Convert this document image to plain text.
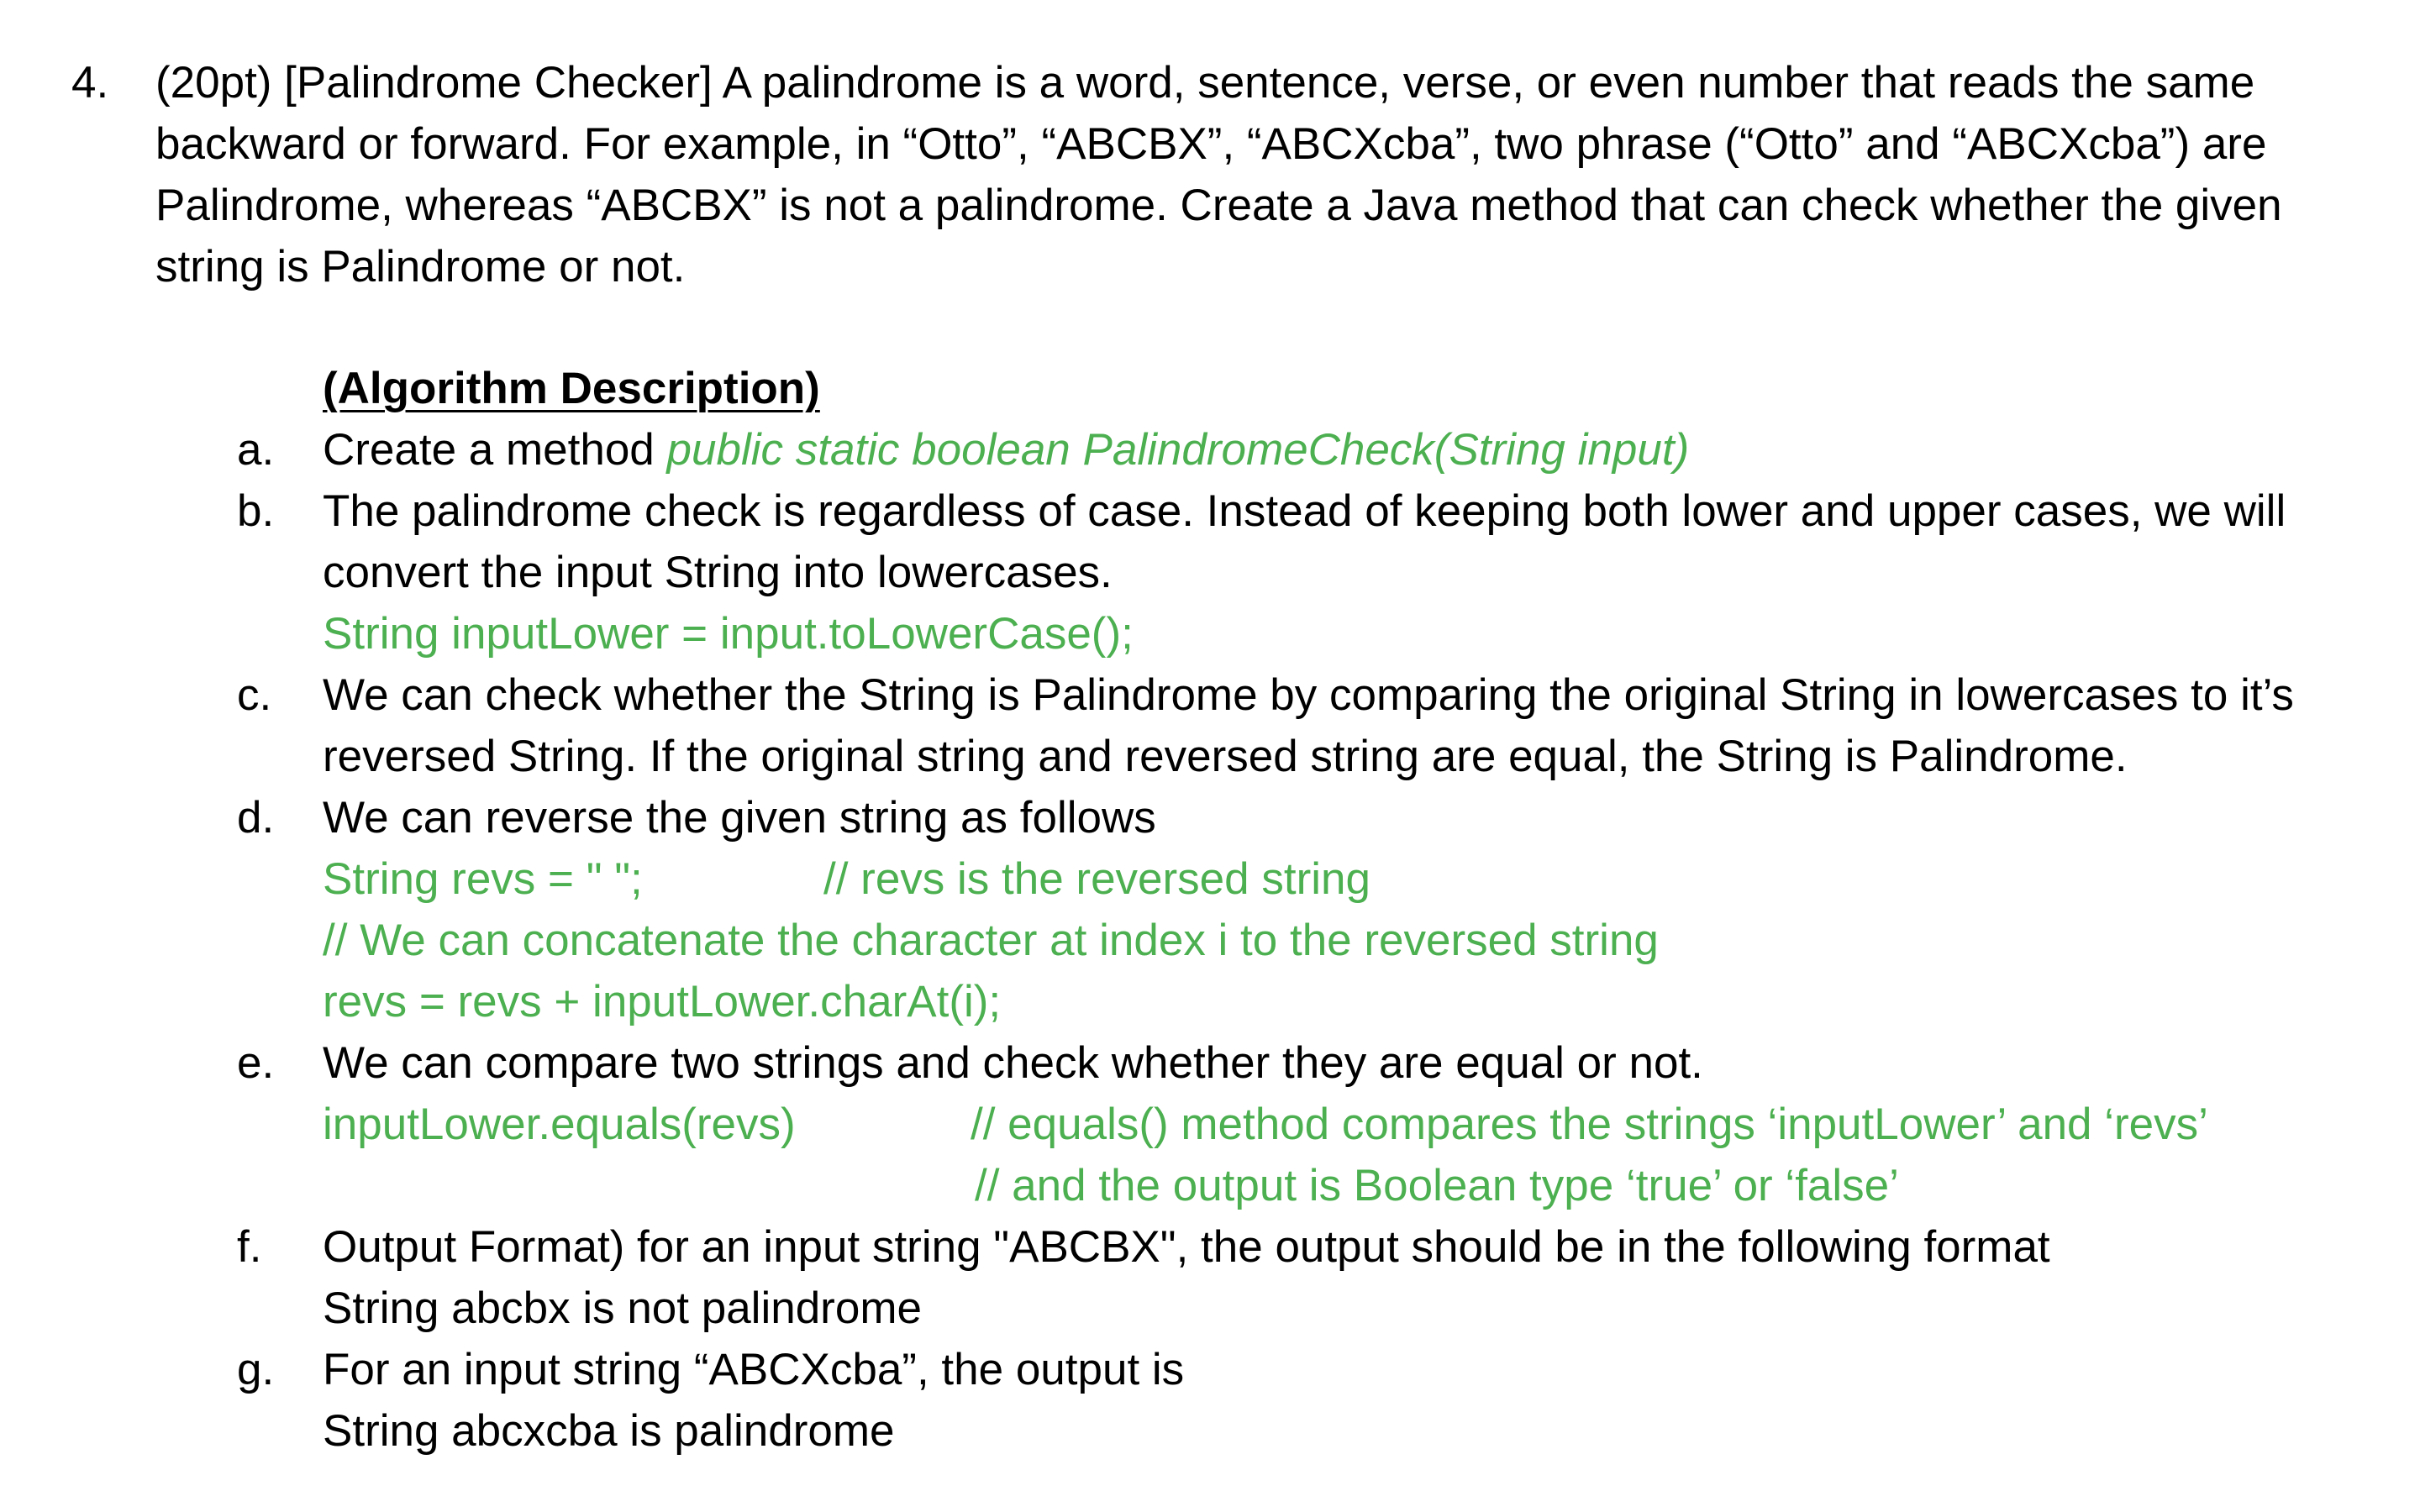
4. (20pt) [Palindrome Checker] A palindrome is a word, sentence, verse, or even number that reads the same
backward or forward. For example, in “Otto”, “ABCBX”, “ABCXcba”, two phrase (“Otto” and “ABCXcba”) are
Palindrome, whereas “ABCBX” is not a palindrome. Create a Java method that can check whether the given
string is Palindrome or not.
(Algorithm Description)
a. Create a method public static boolean PalindromeCheck(String input)
b. The palindrome check is regardless of case. Instead of keeping both lower and upper cases, we will
convert the input String into lowercases.
String inputLower = input.toLowerCase();
c. We can check whether the String is Palindrome by comparing the original String in lowercases to it’s
reversed String. If the original string and reversed string are equal, the String is Palindrome.
d. We can reverse the given string as follows
String revs = " ";	// revs is the reversed string
// We can concatenate the character at index i to the reversed string
revs = revs + inputLower.charAt(i);
e. We can compare two strings and check whether they are equal or not.
inputLower.equals(revs)	// equals() method compares the strings ‘inputLower’ and ‘revs’
// and the output is Boolean type ‘true’ or ‘false’
f. Output Format) for an input string "ABCBX", the output should be in the following format
String abcbx is not palindrome
g. For an input string “ABCXcba”, the output is
String abcxcba is palindrome
